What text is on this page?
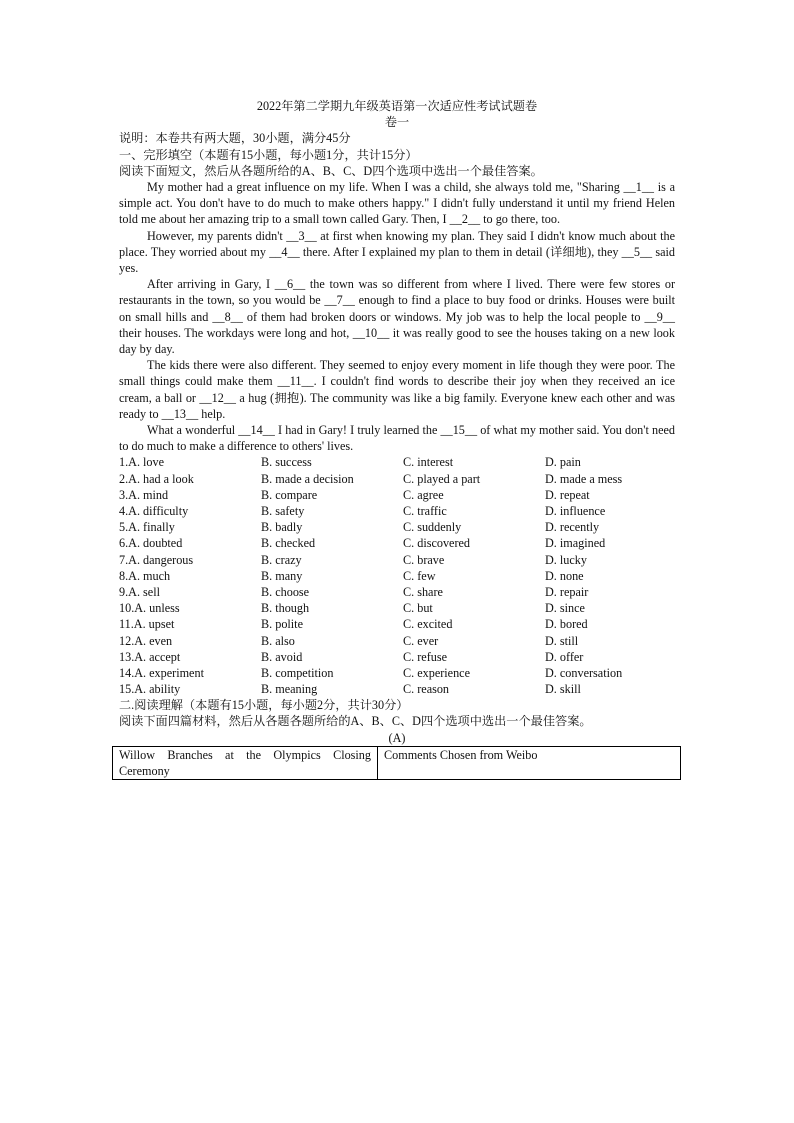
2022年第二学期九年级英语第一次适应性考试试题卷
卷一

说明：本卷共有两大题，30小题，满分45分

一、完形填空（本题有15小题，每小题1分，共计15分）

阅读下面短文，然后从各题所给的A、B、C、D四个选项中选出一个最佳答案。

My mother had a great influence on my life. When I was a child, she always told me, "Sharing __1__ is a simple act. You don't have to do much to make others happy." I didn't fully understand it until my friend Helen told me about her amazing trip to a small town called Gary. Then, I __2__ to go there, too.

However, my parents didn't __3__ at first when knowing my plan. They said I didn't know much about the place. They worried about my __4__ there. After I explained my plan to them in detail (详细地), they __5__ said yes.

After arriving in Gary, I __6__ the town was so different from where I lived. There were few stores or restaurants in the town, so you would be __7__ enough to find a place to buy food or drinks. Houses were built on small hills and __8__ of them had broken doors or windows. My job was to help the local people to __9__ their houses. The workdays were long and hot, __10__ it was really good to see the houses taking on a new look day by day.

The kids there were also different. They seemed to enjoy every moment in life though they were poor. The small things could make them __11__. I couldn't find words to describe their joy when they received an ice cream, a ball or __12__ a hug (拥抱). The community was like a big family. Everyone knew each other and was ready to __13__ help.

What a wonderful __14__ I had in Gary! I truly learned the __15__ of what my mother said. You don't need to do much to make a difference to others' lives.

1.A. love	B. success	C. interest	D. pain
2.A. had a look	B. made a decision	C. played a part	D. made a mess
3.A. mind	B. compare	C. agree	D. repeat
4.A. difficulty	B. safety	C. traffic	D. influence
5.A. finally	B. badly	C. suddenly	D. recently
6.A. doubted	B. checked	C. discovered	D. imagined
7.A. dangerous	B. crazy	C. brave	D. lucky
8.A. much	B. many	C. few	D. none
9.A. sell	B. choose	C. share	D. repair
10.A. unless	B. though	C. but	D. since
11.A. upset	B. polite	C. excited	D. bored
12.A. even	B. also	C. ever	D. still
13.A. accept	B. avoid	C. refuse	D. offer
14.A. experiment	B. competition	C. experience	D. conversation
15.A. ability	B. meaning	C. reason	D. skill

二.阅读理解（本题有15小题，每小题2分，共计30分）

阅读下面四篇材料，然后从各题各题所给的A、B、C、D四个选项中选出一个最佳答案。

(A)
Willow Branches at the Olympics Closing Ceremony	Comments Chosen from Weibo
